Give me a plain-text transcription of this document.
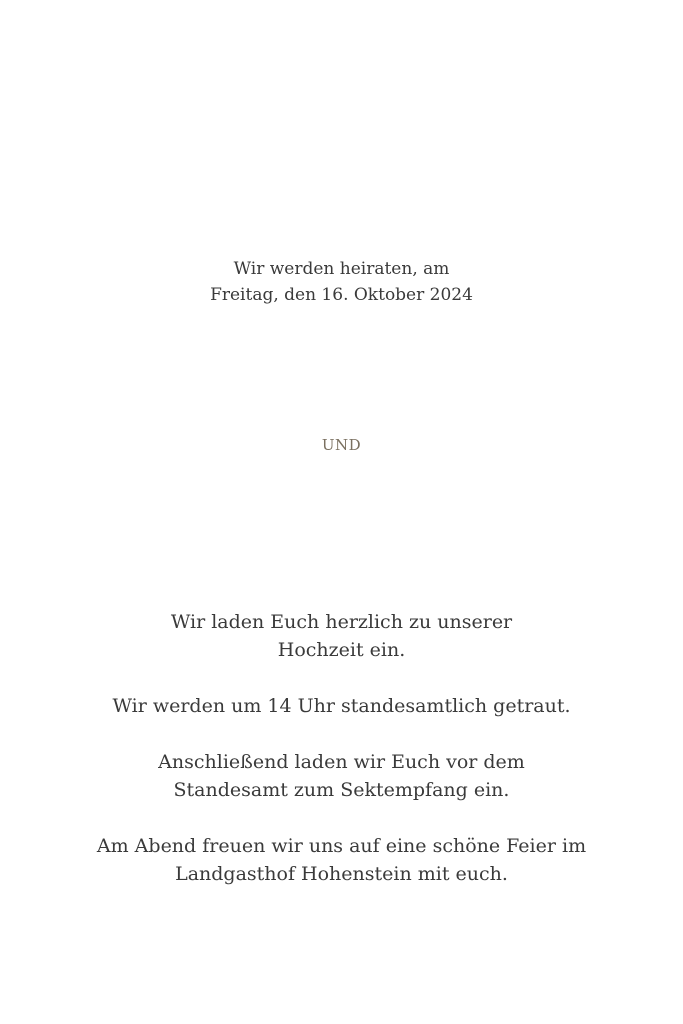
Wir werden heiraten, am
Freitag, den 16. Oktober 2024
UND

Wir laden Euch herzlich zu unserer
Hochzeit ein.

Wir werden um 14 Uhr standesamtlich getraut.

Anschließend laden wir Euch vor dem
Standesamt zum Sektempfang ein.

Am Abend freuen wir uns auf eine schöne Feier im
Landgasthof Hohenstein mit euch.
